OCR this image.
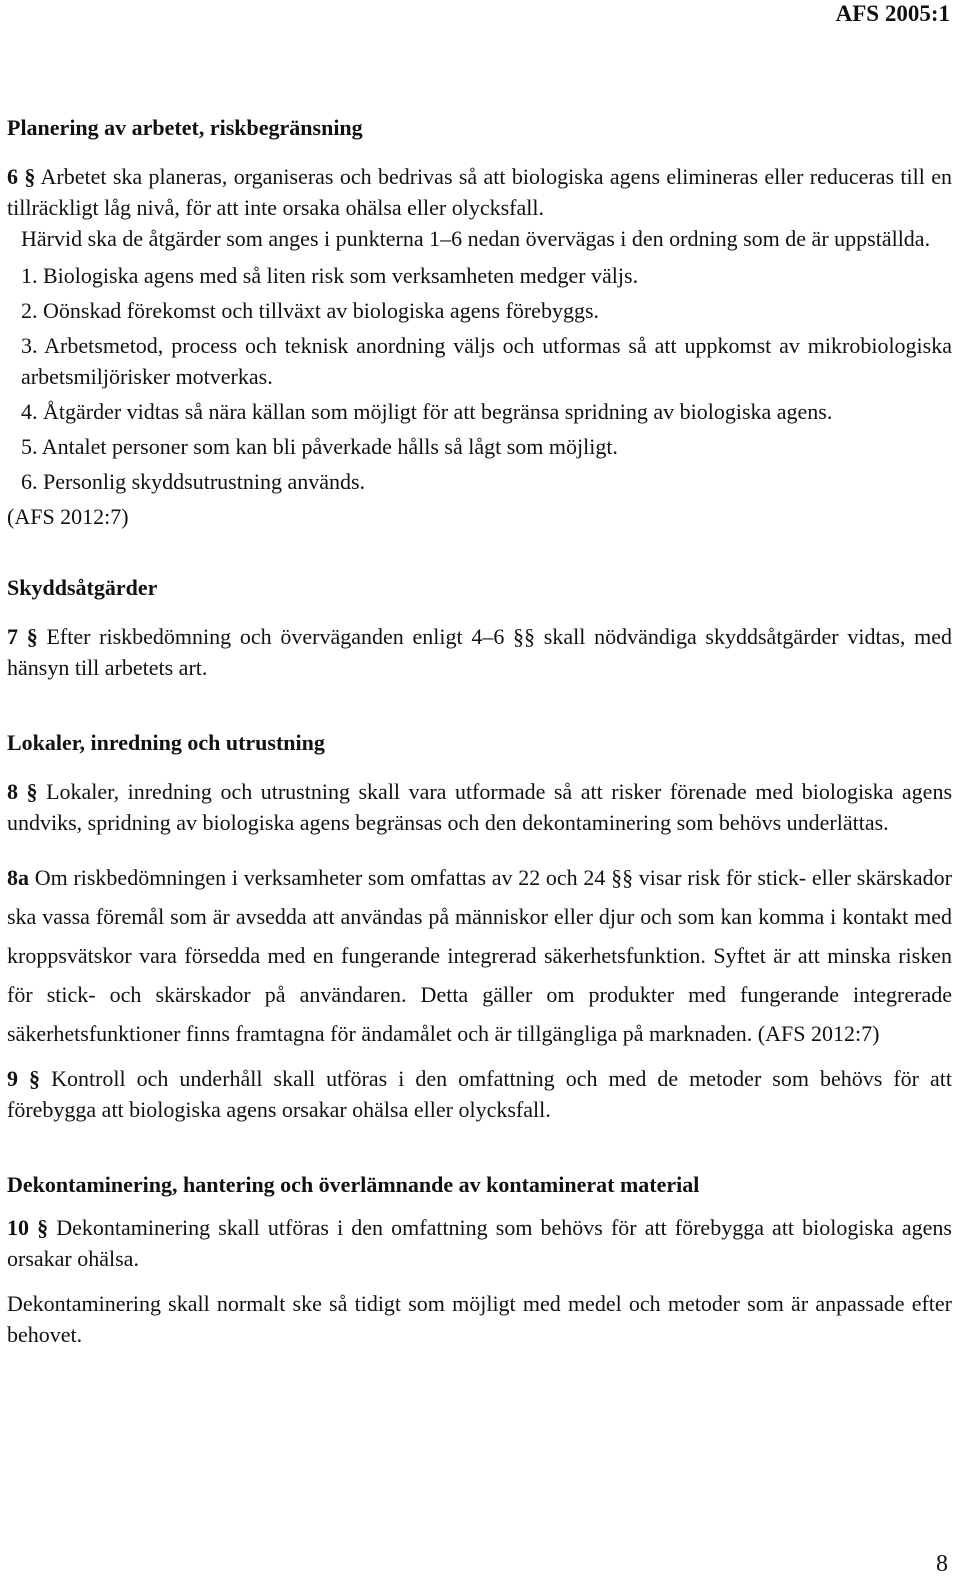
AFS 2005:1

Planering av arbetet, riskbegränsning

6 § Arbetet ska planeras, organiseras och bedrivas så att biologiska agens elimineras eller reduceras till en tillräckligt låg nivå, för att inte orsaka ohälsa eller olycksfall.

Härvid ska de åtgärder som anges i punkterna 1–6 nedan övervägas i den ordning som de är uppställda.

1. Biologiska agens med så liten risk som verksamheten medger väljs.
2. Oönskad förekomst och tillväxt av biologiska agens förebyggs.
3. Arbetsmetod, process och teknisk anordning väljs och utformas så att uppkomst av mikrobiologiska arbetsmiljörisker motverkas.
4. Åtgärder vidtas så nära källan som möjligt för att begränsa spridning av biologiska agens.
5. Antalet personer som kan bli påverkade hålls så lågt som möjligt.
6. Personlig skyddsutrustning används.

(AFS 2012:7)

Skyddsåtgärder

7 § Efter riskbedömning och överväganden enligt 4–6 §§ skall nödvändiga skyddsåtgärder vidtas, med hänsyn till arbetets art.

Lokaler, inredning och utrustning

8 § Lokaler, inredning och utrustning skall vara utformade så att risker förenade med biologiska agens undviks, spridning av biologiska agens begränsas och den dekontaminering som behövs underlättas.

8a Om riskbedömningen i verksamheter som omfattas av 22 och 24 §§ visar risk för stick- eller skärskador ska vassa föremål som är avsedda att användas på människor eller djur och som kan komma i kontakt med kroppsvätskor vara försedda med en fungerande integrerad säkerhetsfunktion. Syftet är att minska risken för stick- och skärskador på användaren. Detta gäller om produkter med fungerande integrerade säkerhetsfunktioner finns framtagna för ändamålet och är tillgängliga på marknaden. (AFS 2012:7)

9 § Kontroll och underhåll skall utföras i den omfattning och med de metoder som behövs för att förebygga att biologiska agens orsakar ohälsa eller olycksfall.

Dekontaminering, hantering och överlämnande av kontaminerat material

10 § Dekontaminering skall utföras i den omfattning som behövs för att förebygga att biologiska agens orsakar ohälsa.

Dekontaminering skall normalt ske så tidigt som möjligt med medel och metoder som är anpassade efter behovet.

8
